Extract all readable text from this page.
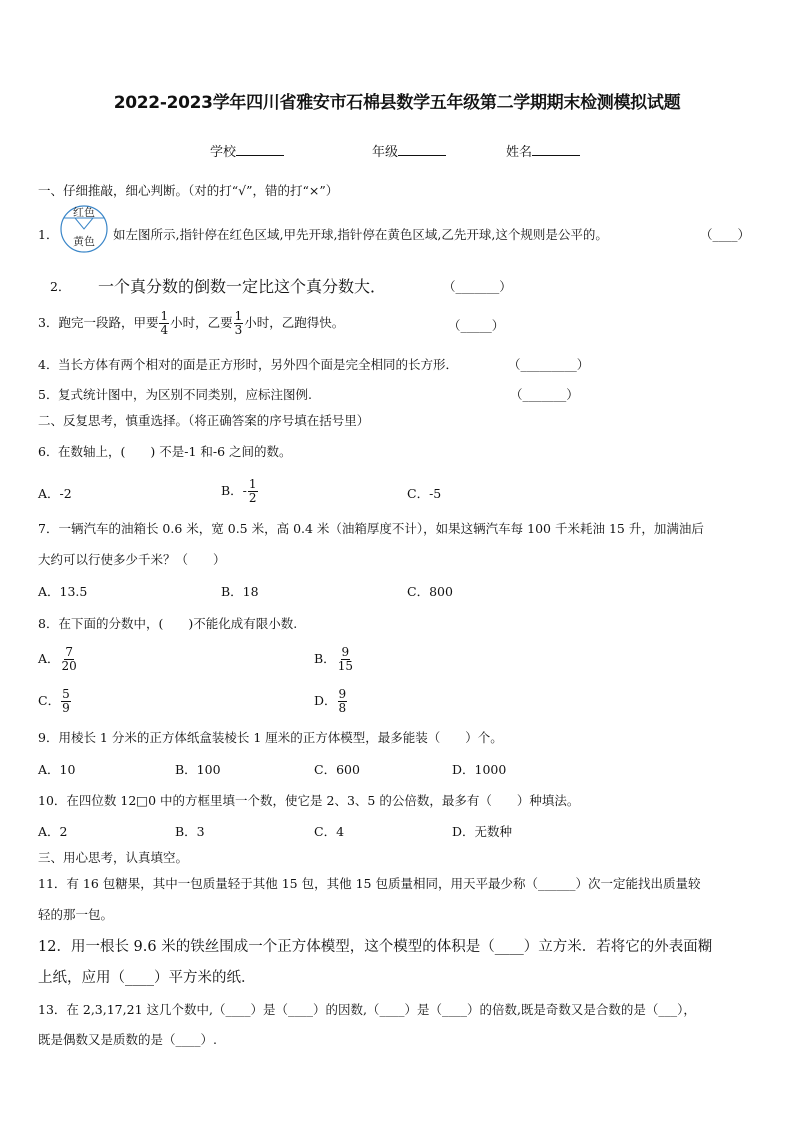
2022-2023学年四川省雅安市石棉县数学五年级第二学期期末检测模拟试题
学校	年级	姓名
一、仔细推敲，细心判断。（对的打“√”，错的打“×”）
1．
红色
黄色 如左图所示,指针停在红色区域,甲先开球,指针停在黄色区域,乙先开球,这个规则是公平的。	（____）
2． 一个真分数的倒数一定比这个真分数大．	（_______）
3．跑完一段路，甲要 $\frac{1}{4}$ 小时，乙要 $\frac{1}{3}$ 小时，乙跑得快。	（_____）
4． 当长方体有两个相对的面是正方形时，另外四个面是完全相同的长方形．	（_________）
5． 复式统计图中，为区别不同类别，应标注图例.	（_______）
二、反复思考，慎重选择。（将正确答案的序号填在括号里）
6． 在数轴上，(　　) 不是-1 和-6 之间的数。
A．-2	B．- $\frac{1}{2}$	C．-5
7．一辆汽车的油箱长 0.6 米，宽 0.5 米，高 0.4 米（油箱厚度不计），如果这辆汽车每 100 千米耗油 15 升，加满油后
大约可以行使多少千米？（　　）
A．13.5	B．18	C．800
8．在下面的分数中，(　　)不能化成有限小数.
A． $\frac{7}{20}$	B． $\frac{9}{15}$
C． $\frac{5}{9}$	D． $\frac{9}{8}$
9．用棱长 1 分米的正方体纸盒装棱长 1 厘米的正方体模型，最多能装（　　）个。
A．10	B．100	C．600	D．1000
10．在四位数 12□0 中的方框里填一个数，使它是 2、3、5 的公倍数，最多有（　　）种填法。
A．2	B．3	C．4	D．无数种
三、用心思考，认真填空。
11．有 16 包糖果，其中一包质量轻于其他 15 包，其他 15 包质量相同，用天平最少称（______）次一定能找出质量较
轻的那一包。
12．用一根长 9.6 米的铁丝围成一个正方体模型，这个模型的体积是（____）立方米．若将它的外表面糊
上纸，应用（____）平方米的纸．
13．在 2,3,17,21 这几个数中,（____）是（____）的因数,（____）是（____）的倍数,既是奇数又是合数的是（___），
既是偶数又是质数的是（____）.
